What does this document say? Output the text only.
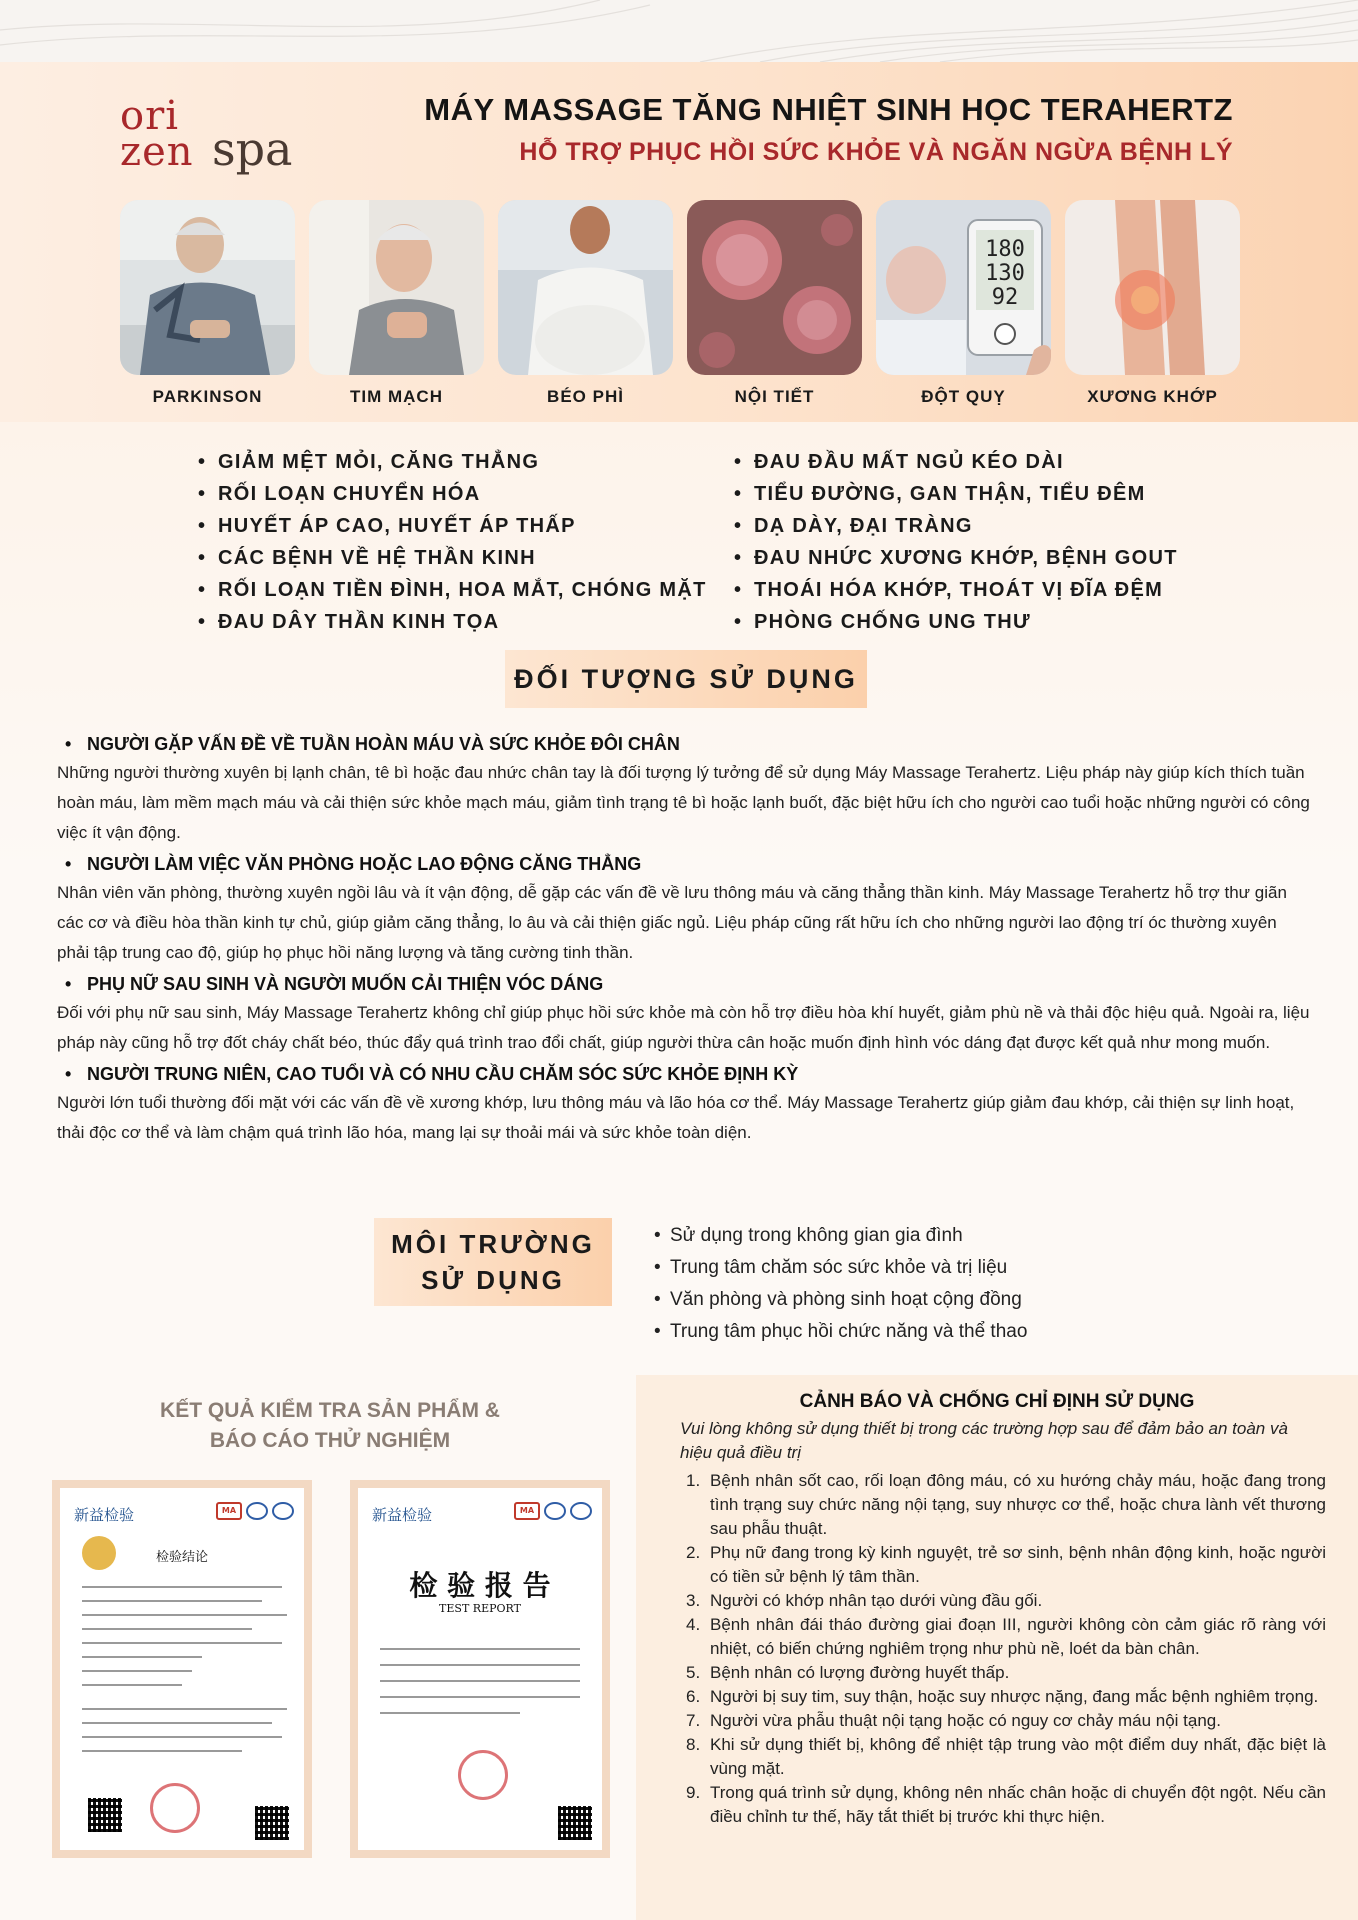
ori
zen spa
MÁY MASSAGE TĂNG NHIỆT SINH HỌC TERAHERTZ
HỖ TRỢ PHỤC HỒI SỨC KHỎE VÀ NGĂN NGỪA BỆNH LÝ
PARKINSON	TIM MẠCH	BÉO PHÌ	NỘI TIẾT
180
130
92
ĐỘT QUỴ	XƯƠNG KHỚP
• GIẢM MỆT MỎI, CĂNG THẲNG
• RỐI LOẠN CHUYỂN HÓA
• HUYẾT ÁP CAO, HUYẾT ÁP THẤP
• CÁC BỆNH VỀ HỆ THẦN KINH
• RỐI LOẠN TIỀN ĐÌNH, HOA MẮT, CHÓNG MẶT
• ĐAU DÂY THẦN KINH TỌA
• ĐAU ĐẦU MẤT NGỦ KÉO DÀI
• TIỂU ĐƯỜNG, GAN THẬN, TIỂU ĐÊM
• DẠ DÀY, ĐẠI TRÀNG
• ĐAU NHỨC XƯƠNG KHỚP, BỆNH GOUT
• THOÁI HÓA KHỚP, THOÁT VỊ ĐĨA ĐỆM
• PHÒNG CHỐNG UNG THƯ
ĐỐI TƯỢNG SỬ DỤNG
• NGƯỜI GẶP VẤN ĐỀ VỀ TUẦN HOÀN MÁU VÀ SỨC KHỎE ĐÔI CHÂN

Những người thường xuyên bị lạnh chân, tê bì hoặc đau nhức chân tay là đối tượng lý tưởng để sử dụng Máy Massage Terahertz. Liệu pháp này giúp kích thích tuần hoàn máu, làm mềm mạch máu và cải thiện sức khỏe mạch máu, giảm tình trạng tê bì hoặc lạnh buốt, đặc biệt hữu ích cho người cao tuổi hoặc những người có công việc ít vận động.

• NGƯỜI LÀM VIỆC VĂN PHÒNG HOẶC LAO ĐỘNG CĂNG THẲNG

Nhân viên văn phòng, thường xuyên ngồi lâu và ít vận động, dễ gặp các vấn đề về lưu thông máu và căng thẳng thần kinh. Máy Massage Terahertz hỗ trợ thư giãn các cơ và điều hòa thần kinh tự chủ, giúp giảm căng thẳng, lo âu và cải thiện giấc ngủ. Liệu pháp cũng rất hữu ích cho những người lao động trí óc thường xuyên phải tập trung cao độ, giúp họ phục hồi năng lượng và tăng cường tinh thần.

• PHỤ NỮ SAU SINH VÀ NGƯỜI MUỐN CẢI THIỆN VÓC DÁNG

Đối với phụ nữ sau sinh, Máy Massage Terahertz không chỉ giúp phục hồi sức khỏe mà còn hỗ trợ điều hòa khí huyết, giảm phù nề và thải độc hiệu quả. Ngoài ra, liệu pháp này cũng hỗ trợ đốt cháy chất béo, thúc đẩy quá trình trao đổi chất, giúp người thừa cân hoặc muốn định hình vóc dáng đạt được kết quả như mong muốn.

• NGƯỜI TRUNG NIÊN, CAO TUỔI VÀ CÓ NHU CẦU CHĂM SÓC SỨC KHỎE ĐỊNH KỲ

Người lớn tuổi thường đối mặt với các vấn đề về xương khớp, lưu thông máu và lão hóa cơ thể. Máy Massage Terahertz giúp giảm đau khớp, cải thiện sự linh hoạt, thải độc cơ thể và làm chậm quá trình lão hóa, mang lại sự thoải mái và sức khỏe toàn diện.

MÔI TRƯỜNG
SỬ DỤNG
• Sử dụng trong không gian gia đình
• Trung tâm chăm sóc sức khỏe và trị liệu
• Văn phòng và phòng sinh hoạt cộng đồng
• Trung tâm phục hồi chức năng và thể thao
KẾT QUẢ KIỂM TRA SẢN PHẨM &
BÁO CÁO THỬ NGHIỆM
新益检验	MA
检验结论
新益检验	MA
检 验 报 告
TEST REPORT
CẢNH BÁO VÀ CHỐNG CHỈ ĐỊNH SỬ DỤNG
Vui lòng không sử dụng thiết bị trong các trường hợp sau để đảm bảo an toàn và hiệu quả điều trị
1. Bệnh nhân sốt cao, rối loạn đông máu, có xu hướng chảy máu, hoặc đang trong tình trạng suy chức năng nội tạng, suy nhược cơ thể, hoặc chưa lành vết thương sau phẫu thuật.
2. Phụ nữ đang trong kỳ kinh nguyệt, trẻ sơ sinh, bệnh nhân động kinh, hoặc người có tiền sử bệnh lý tâm thần.
3. Người có khớp nhân tạo dưới vùng đầu gối.
4. Bệnh nhân đái tháo đường giai đoạn III, người không còn cảm giác rõ ràng với nhiệt, có biến chứng nghiêm trọng như phù nề, loét da bàn chân.
5. Bệnh nhân có lượng đường huyết thấp.
6. Người bị suy tim, suy thận, hoặc suy nhược nặng, đang mắc bệnh nghiêm trọng.
7. Người vừa phẫu thuật nội tạng hoặc có nguy cơ chảy máu nội tạng.
8. Khi sử dụng thiết bị, không để nhiệt tập trung vào một điểm duy nhất, đặc biệt là vùng mặt.
9. Trong quá trình sử dụng, không nên nhấc chân hoặc di chuyển đột ngột. Nếu cần điều chỉnh tư thế, hãy tắt thiết bị trước khi thực hiện.
